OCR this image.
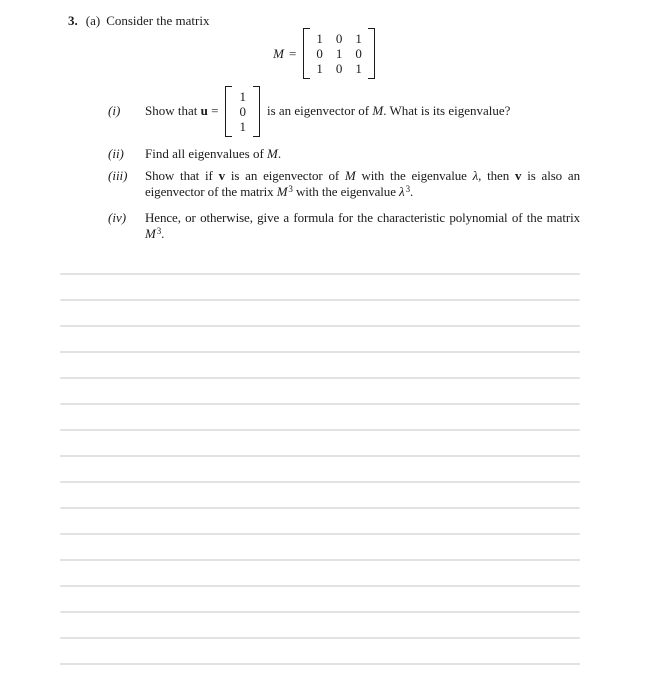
3. (a) Consider the matrix
M =
1 0 1
0 1 0
1 0 1
(i)	Show that u =
1
0
1
is an eigenvector of M. What is its eigenvalue?
(ii)	Find all eigenvalues of M.
(iii)	Show that if v is an eigenvector of M with the eigenvalue λ, then v is also an eigenvector of the matrix $M^3$ with the eigenvalue $\lambda^3$.
(iv)	Hence, or otherwise, give a formula for the characteristic polynomial of the matrix $M^3$.
